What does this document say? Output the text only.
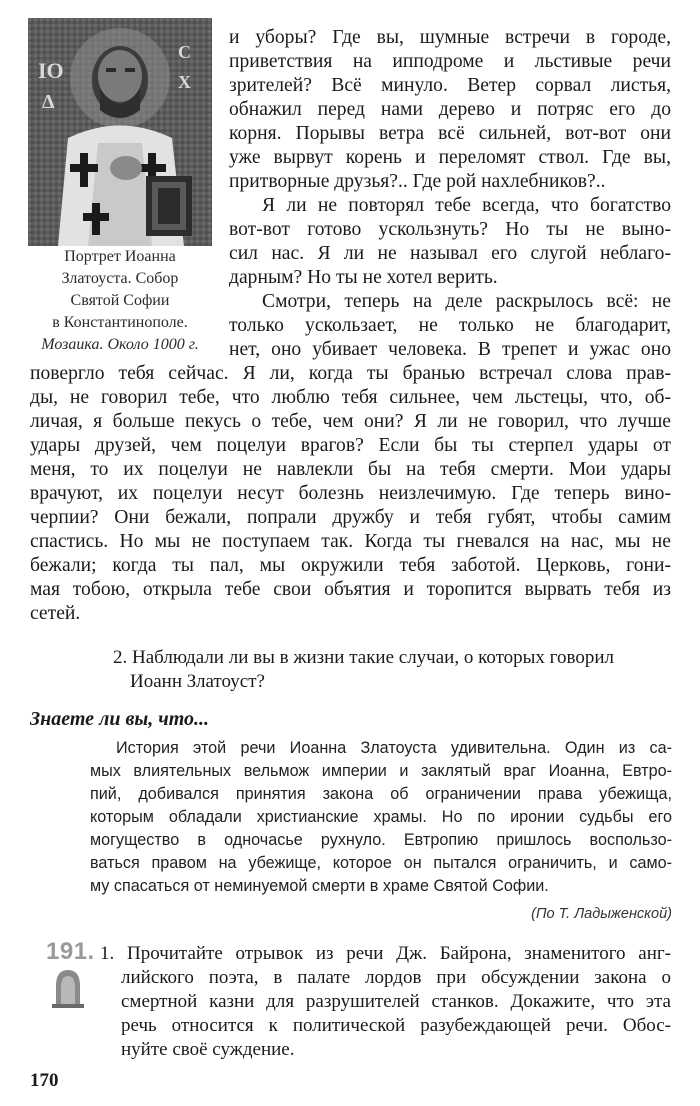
IO
Δ
C
X
Портрет Иоанна
Златоуста. Собор
Святой Софии
в Константинополе.
Мозаика. Около 1000 г.
и уборы? Где вы, шумные встречи в городе,
приветствия на ипподроме и льстивые речи
зрителей? Всё минуло. Ветер сорвал листья,
обнажил перед нами дерево и потряс его до
корня. Порывы ветра всё сильней, вот-вот они
уже вырвут корень и переломят ствол. Где вы,
притворные друзья?.. Где рой нахлебников?..
Я ли не повторял тебе всегда, что богатство
вот-вот готово ускользнуть? Но ты не выно-
сил нас. Я ли не называл его слугой неблаго-
дарным? Но ты не хотел верить.
Смотри, теперь на деле раскрылось всё: не
только ускользает, не только не благодарит,
нет, оно убивает человека. В трепет и ужас оно
повергло тебя сейчас. Я ли, когда ты бранью встречал слова прав-
ды, не говорил тебе, что люблю тебя сильнее, чем льстецы, что, об-
личая, я больше пекусь о тебе, чем они? Я ли не говорил, что лучше
удары друзей, чем поцелуи врагов? Если бы ты стерпел удары от
меня, то их поцелуи не навлекли бы на тебя смерти. Мои удары
врачуют, их поцелуи несут болезнь неизлечимую. Где теперь вино-
черпии? Они бежали, попрали дружбу и тебя губят, чтобы самим
спастись. Но мы не поступаем так. Когда ты гневался на нас, мы не
бежали; когда ты пал, мы окружили тебя заботой. Церковь, гони-
мая тобою, открыла тебе свои объятия и торопится вырвать тебя из
сетей.
2. Наблюдали ли вы в жизни такие случаи, о которых говорил
Иоанн Златоуст?
Знаете ли вы, что...
История этой речи Иоанна Златоуста удивительна. Один из са-
мых влиятельных вельмож империи и заклятый враг Иоанна, Евтро-
пий, добивался принятия закона об ограничении права убежища,
которым обладали христианские храмы. Но по иронии судьбы его
могущество в одночасье рухнуло. Евтропию пришлось воспользо-
ваться правом на убежище, которое он пытался ограничить, и само-
му спасаться от неминуемой смерти в храме Святой Софии.
(По Т. Ладыженской)
191. 1. Прочитайте отрывок из речи Дж. Байрона, знаменитого анг-
лийского поэта, в палате лордов при обсуждении закона о
смертной казни для разрушителей станков. Докажите, что эта
речь относится к политической разубеждающей речи. Обос-
нуйте своё суждение.
170
